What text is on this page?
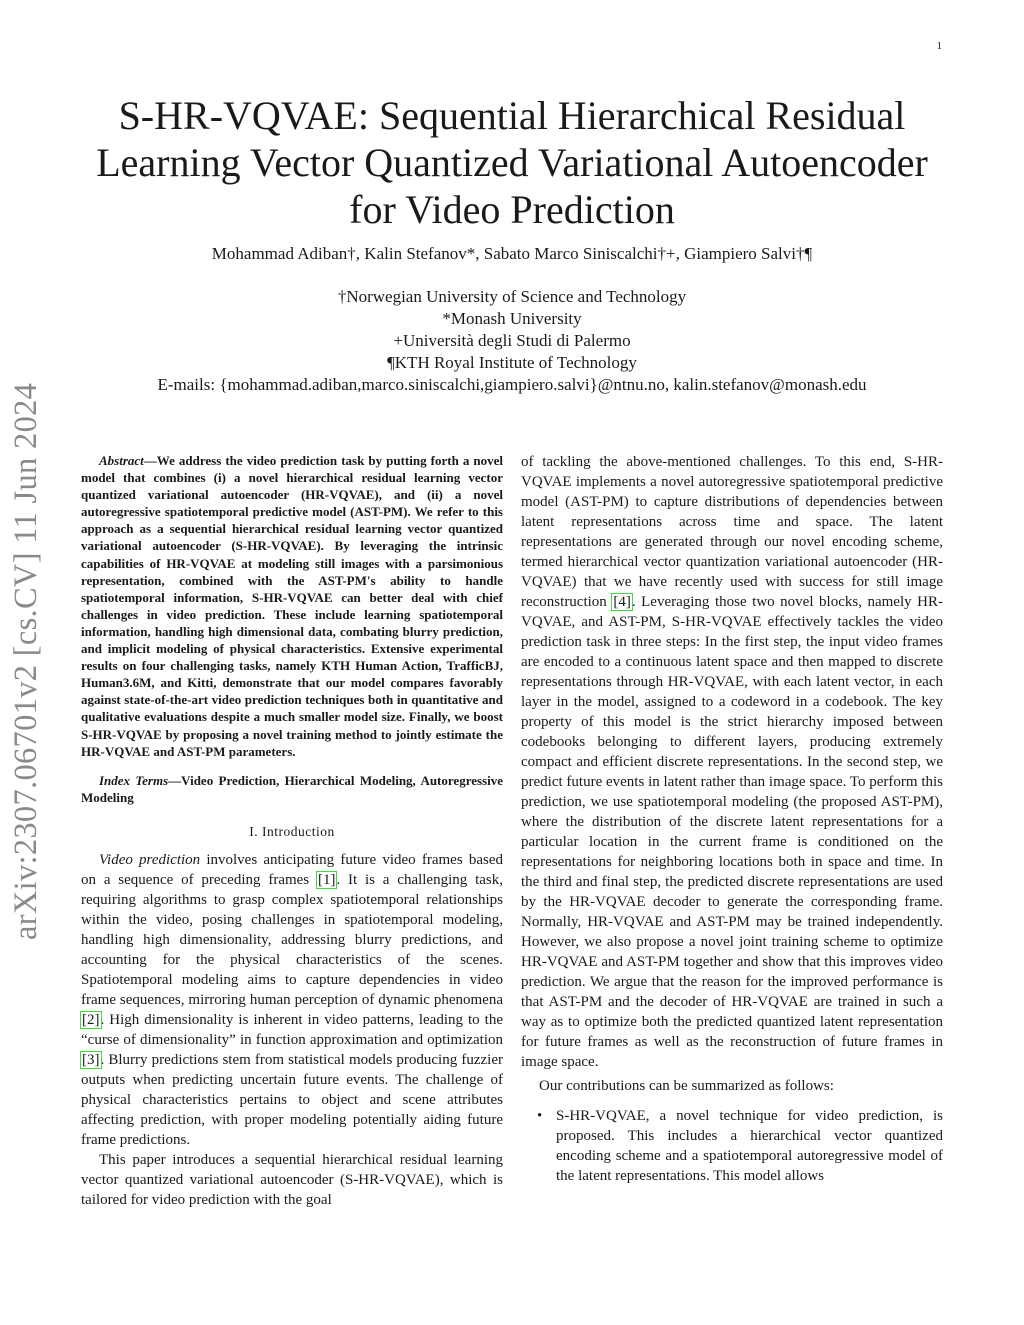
1
arXiv:2307.06701v2 [cs.CV] 11 Jun 2024
S-HR-VQVAE: Sequential Hierarchical Residual
Learning Vector Quantized Variational Autoencoder
for Video Prediction
Mohammad Adiban†, Kalin Stefanov*, Sabato Marco Siniscalchi†+, Giampiero Salvi†¶
†Norwegian University of Science and Technology
*Monash University
+Università degli Studi di Palermo
¶KTH Royal Institute of Technology
E-mails: {mohammad.adiban,marco.siniscalchi,giampiero.salvi}@ntnu.no, kalin.stefanov@monash.edu

Abstract—We address the video prediction task by putting forth a novel model that combines (i) a novel hierarchical residual learning vector quantized variational autoencoder (HR-VQVAE), and (ii) a novel autoregressive spatiotemporal predictive model (AST-PM). We refer to this approach as a sequential hierarchical residual learning vector quantized variational autoencoder (S-HR-VQVAE). By leveraging the intrinsic capabilities of HR-VQVAE at modeling still images with a parsimonious representation, combined with the AST-PM's ability to handle spatiotemporal information, S-HR-VQVAE can better deal with chief challenges in video prediction. These include learning spatiotemporal information, handling high dimensional data, combating blurry prediction, and implicit modeling of physical characteristics. Extensive experimental results on four challenging tasks, namely KTH Human Action, TrafficBJ, Human3.6M, and Kitti, demonstrate that our model compares favorably against state-of-the-art video prediction techniques both in quantitative and qualitative evaluations despite a much smaller model size. Finally, we boost S-HR-VQVAE by proposing a novel training method to jointly estimate the HR-VQVAE and AST-PM parameters.

Index Terms—Video Prediction, Hierarchical Modeling, Autoregressive Modeling

I. Introduction

Video prediction involves anticipating future video frames based on a sequence of preceding frames [1]. It is a challenging task, requiring algorithms to grasp complex spatiotemporal relationships within the video, posing challenges in spatiotemporal modeling, handling high dimensionality, addressing blurry predictions, and accounting for the physical characteristics of the scenes. Spatiotemporal modeling aims to capture dependencies in video frame sequences, mirroring human perception of dynamic phenomena [2]. High dimensionality is inherent in video patterns, leading to the “curse of dimensionality” in function approximation and optimization [3]. Blurry predictions stem from statistical models producing fuzzier outputs when predicting uncertain future events. The challenge of physical characteristics pertains to object and scene attributes affecting prediction, with proper modeling potentially aiding future frame predictions.

This paper introduces a sequential hierarchical residual learning vector quantized variational autoencoder (S-HR-VQVAE), which is tailored for video prediction with the goal

of tackling the above-mentioned challenges. To this end, S-HR-VQVAE implements a novel autoregressive spatiotemporal predictive model (AST-PM) to capture distributions of dependencies between latent representations across time and space. The latent representations are generated through our novel encoding scheme, termed hierarchical vector quantization variational autoencoder (HR-VQVAE) that we have recently used with success for still image reconstruction [4]. Leveraging those two novel blocks, namely HR-VQVAE, and AST-PM, S-HR-VQVAE effectively tackles the video prediction task in three steps: In the first step, the input video frames are encoded to a continuous latent space and then mapped to discrete representations through HR-VQVAE, with each latent vector, in each layer in the model, assigned to a codeword in a codebook. The key property of this model is the strict hierarchy imposed between codebooks belonging to different layers, producing extremely compact and efficient discrete representations. In the second step, we predict future events in latent rather than image space. To perform this prediction, we use spatiotemporal modeling (the proposed AST-PM), where the distribution of the discrete latent representations for a particular location in the current frame is conditioned on the representations for neighboring locations both in space and time. In the third and final step, the predicted discrete representations are used by the HR-VQVAE decoder to generate the corresponding frame. Normally, HR-VQVAE and AST-PM may be trained independently. However, we also propose a novel joint training scheme to optimize HR-VQVAE and AST-PM together and show that this improves video prediction. We argue that the reason for the improved performance is that AST-PM and the decoder of HR-VQVAE are trained in such a way as to optimize both the predicted quantized latent representation for future frames as well as the reconstruction of future frames in image space.

Our contributions can be summarized as follows:

• S-HR-VQVAE, a novel technique for video prediction, is proposed. This includes a hierarchical vector quantized encoding scheme and a spatiotemporal autoregressive model of the latent representations. This model allows
